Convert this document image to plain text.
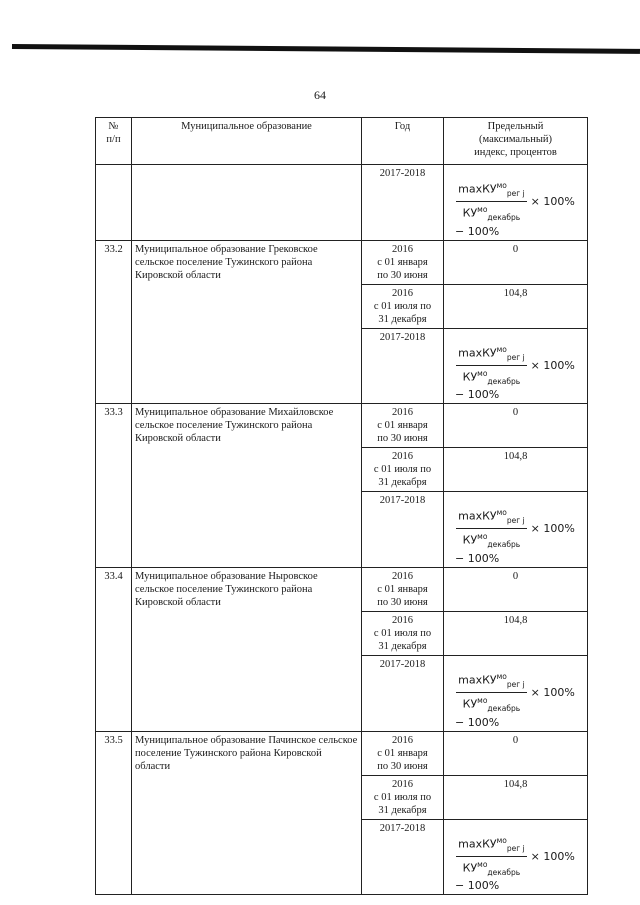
64
№
п/п	Муниципальное образование	Год	Предельный
(максимальный)
индекс, процентов
		2017-2018	$\frac{\max КУ^{мо}_{рег j}}{КУ^{мо}_{декабрь}} \times 100\%$
− 100%

33.2	Муниципальное образование Грековское сельское поселение Тужинского района Кировской области	2016
с 01 января
по 30 июня	0
		2016
с 01 июля по
31 декабря	104,8
		2017-2018	$\frac{\max КУ^{мо}_{рег j}}{КУ^{мо}_{декабрь}} \times 100\%$
− 100%

33.3	Муниципальное образование Михайловское сельское поселение Тужинского района Кировской области	2016
с 01 января
по 30 июня	0
		2016
с 01 июля по
31 декабря	104,8
		2017-2018	$\frac{\max КУ^{мо}_{рег j}}{КУ^{мо}_{декабрь}} \times 100\%$
− 100%

33.4	Муниципальное образование Ныровское сельское поселение Тужинского района Кировской области	2016
с 01 января
по 30 июня	0
		2016
с 01 июля по
31 декабря	104,8
		2017-2018	$\frac{\max КУ^{мо}_{рег j}}{КУ^{мо}_{декабрь}} \times 100\%$
− 100%

33.5	Муниципальное образование Пачинское сельское поселение Тужинского района Кировской области	2016
с 01 января
по 30 июня	0
		2016
с 01 июля по
31 декабря	104,8
		2017-2018	$\frac{\max КУ^{мо}_{рег j}}{КУ^{мо}_{декабрь}} \times 100\%$
− 100%
